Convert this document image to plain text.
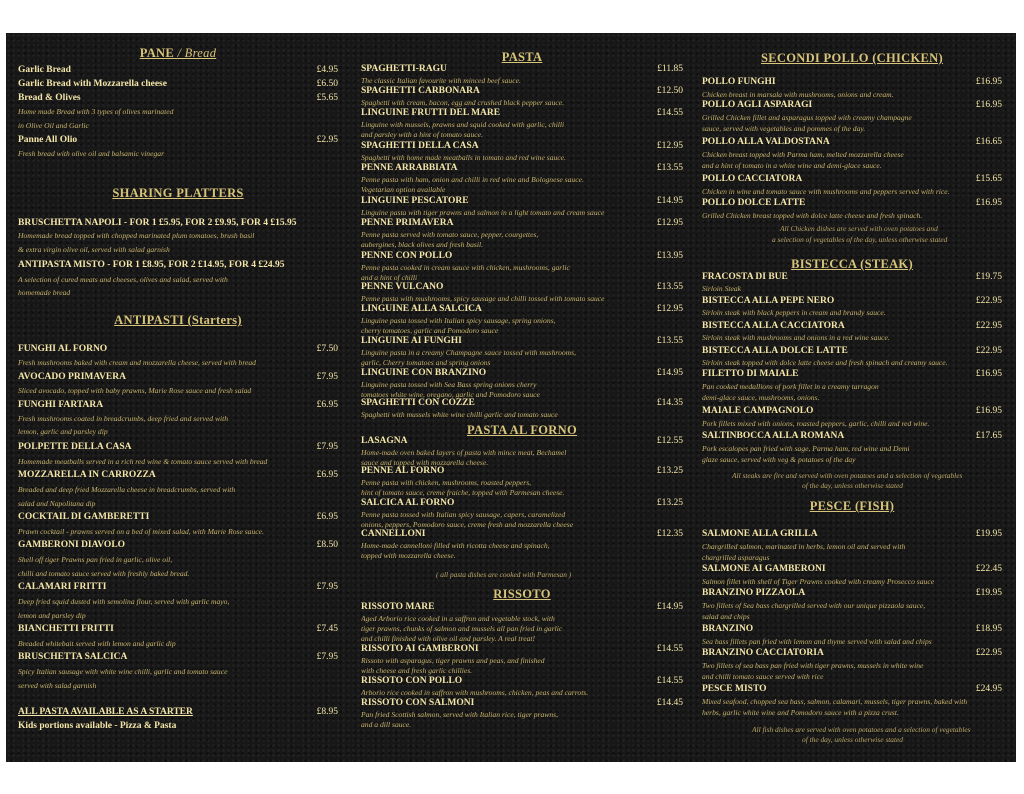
PANE / Bread
Garlic Bread	£4.95
Garlic Bread with Mozzarella cheese	£6.50
Bread & Olives	£5.65
Home made Bread with 3 types of olives marinated
in Olive Oil and Garlic
Panne All Olio	£2.95
Fresh bread with olive oil and balsamic vinegar
SHARING PLATTERS
BRUSCHETTA NAPOLI - FOR 1 £5.95, FOR 2 £9.95, FOR 4 £15.95
Homemade bread topped with chopped marinated plum tomatoes, brush basil
& extra virgin olive oil, served with salad garnish
ANTIPASTA MISTO - FOR 1 £8.95, FOR 2 £14.95, FOR 4 £24.95
A selection of cured meats and cheeses, olives and salad, served with
homemade bread
ANTIPASTI (Starters)
FUNGHI AL FORNO	£7.50
Fresh mushrooms baked with cream and mozzarella cheese, served with bread
AVOCADO PRIMAVERA	£7.95
Sliced avocado, topped with baby prawns, Marie Rose sauce and fresh salad
FUNGHI FARTARA	£6.95
Fresh mushrooms coated in breadcrumbs, deep fried and served with
lemon, garlic and parsley dip
POLPETTE DELLA CASA	£7.95
Homemade meatballs served in a rich red wine & tomato sauce served with bread
MOZZARELLA IN CARROZZA	£6.95
Breaded and deep fried Mozzarella cheese in breadcrumbs, served with
salad and Napolitana dip
COCKTAIL DI GAMBERETTI	£6.95
Prawn cocktail - prawns served on a bed of mixed salad, with Marie Rose sauce.
GAMBERONI DIAVOLO	£8.50
Shell off tiger Prawns pan fried in garlic, olive oil,
chilli and tomato sauce served with freshly baked bread.
CALAMARI FRITTI	£7.95
Deep fried squid dusted with semolina flour, served with garlic mayo,
lemon and parsley dip
BIANCHETTI FRITTI	£7.45
Breaded whitebait served with lemon and garlic dip
BRUSCHETTA SALCICA	£7.95
Spicy Italian sausage with white wine chilli, garlic and tomato sauce
served with salad garnish
ALL PASTA AVAILABLE AS A STARTER	£8.95
Kids portions available - Pizza & Pasta
PASTA
SPAGHETTI-RAGU	£11.85
The classic Italian favourite with minced beef sauce.
SPAGHETTI CARBONARA	£12.50
Spaghetti with cream, bacon, egg and crushed black pepper sauce.
LINGUINE FRUTTI DEL MARE	£14.55
Linguine with mussels, prawns and squid cooked with garlic, chilli
and parsley with a hint of tomato sauce.
SPAGHETTI DELLA CASA	£12.95
Spaghetti with home made meatballs in tomato and red wine sauce.
PENNE ARRABBIATA	£13.55
Penne pasta with ham, onion and chilli in red wine and Bolognese sauce.
Vegetarian option available
LINGUINE PESCATORE	£14.95
Linguine pasta with tiger prawns and salmon in a light tomato and cream sauce
PENNE PRIMAVERA	£12.95
Penne pasta served with tomato sauce, pepper, courgettes,
aubergines, black olives and fresh basil.
PENNE CON POLLO	£13.95
Penne pasta cooked in cream sauce with chicken, mushrooms, garlic
and a hint of chilli
PENNE VULCANO	£13.55
Penne pasta with mushrooms, spicy sausage and chilli tossed with tomato sauce
LINGUINE ALLA SALCICA	£12.95
Linguine pasta tossed with Italian spicy sausage, spring onions,
cherry tomatoes, garlic and Pomodoro sauce
LINGUINE AI FUNGHI	£13.55
Linguine pasta in a creamy Champagne sauce tossed with mushrooms,
garlic, Cherry tomatoes and spring onions
LINGUINE CON BRANZINO	£14.95
Linguine pasta tossed with Sea Bass spring onions cherry
tomatoes white wine, oregano, garlic and Pomodoro sauce
SPAGHETTI CON COZZE	£14.35
Spaghetti with mussels white wine chilli garlic and tomato sauce
PASTA AL FORNO
LASAGNA	£12.55
Home-made oven baked layers of pasta with mince meat, Bechamel
sauce and topped with mozzarella cheese.
PENNE AL FORNO	£13.25
Penne pasta with chicken, mushrooms, roasted peppers,
hint of tomato sauce, creme fraiche, topped with Parmesan cheese.
SALCICA AL FORNO	£13.25
Penne pasta tossed with Italian spicy sausage, capers, caramelized
onions, peppers, Pomodoro sauce, creme fresh and mozzarella cheese
CANNELLONI	£12.35
Home-made cannelloni filled with ricotta cheese and spinach,
topped with mozzarella cheese.
( all pasta dishes are cooked with Parmesan )
RISSOTO
RISSOTO MARE	£14.95
Aged Arborio rice cooked in a saffron and vegetable stock, with
tiger prawns, chunks of salmon and mussels all pan fried in garlic
and chilli finished with olive oil and parsley. A real treat!
RISSOTO AI GAMBERONI	£14.55
Rissoto with asparagus, tiger prawns and peas, and finished
with cheese and fresh garlic chillies.
RISSOTO CON POLLO	£14.55
Arborio rice cooked in saffron with mushrooms, chicken, peas and carrots.
RISSOTO CON SALMONI	£14.45
Pan fried Scottish salmon, served with Italian rice, tiger prawns,
and a dill sauce.
SECONDI POLLO (CHICKEN)
POLLO FUNGHI	£16.95
Chicken breast in marsala with mushrooms, onions and cream.
POLLO AGLI ASPARAGI	£16.95
Grilled Chicken fillet and asparagus topped with creamy champagne
sauce, served with vegetables and pommes of the day.
POLLO ALLA VALDOSTANA	£16.65
Chicken breast topped with Parma ham, melted mozzarella cheese
and a hint of tomato in a white wine and demi-glace sauce.
POLLO CACCIATORA	£15.65
Chicken in wine and tomato sauce with mushrooms and peppers served with rice.
POLLO DOLCE LATTE	£16.95
Grilled Chicken breast topped with dolce latte cheese and fresh spinach.
All Chicken dishes are served with oven potatoes and
a selection of vegetables of the day, unless otherwise stated
BISTECCA (STEAK)
FRACOSTA DI BUE	£19.75
Sirloin Steak
BISTECCA ALLA PEPE NERO	£22.95
Sirloin steak with black peppers in cream and brandy sauce.
BISTECCA ALLA CACCIATORA	£22.95
Sirloin steak with mushrooms and onions in a red wine sauce.
BISTECCA ALLA DOLCE LATTE	£22.95
Sirloin steak topped with dolce latte cheese and fresh spinach and creamy sauce.
FILETTO DI MAIALE	£16.95
Pan cooked medallions of pork fillet in a creamy tarragon
demi-glace sauce, mushrooms, onions.
MAIALE CAMPAGNOLO	£16.95
Pork fillets mixed with onions, roasted peppers, garlic, chilli and red wine.
SALTINBOCCA ALLA ROMANA	£17.65
Pork escalopes pan fried with sage, Parma ham, red wine and Demi
glaze sauce, served with veg & potatoes of the day
All steaks are fire and served with oven potatoes and a selection of vegetables
of the day, unless otherwise stated
PESCE (FISH)
SALMONE ALLA GRILLA	£19.95
Chargrilled salmon, marinated in herbs, lemon oil and served with
chargrilled asparagus
SALMONE AI GAMBERONI	£22.45
Salmon fillet with shell of Tiger Prawns cooked with creamy Prosecco sauce
BRANZINO PIZZAOLA	£19.95
Two fillets of Sea bass chargrilled served with our unique pizzaola sauce,
salad and chips
BRANZINO	£18.95
Sea bass fillets pan fried with lemon and thyme served with salad and chips
BRANZINO CACCIATORIA	£22.95
Two fillets of sea bass pan fried with tiger prawns, mussels in white wine
and chilli tomato sauce served with rice
PESCE MISTO	£24.95
Mixed seafood, chopped sea bass, salmon, calamari, mussels, tiger prawns, baked with
herbs, garlic white wine and Pomodoro sauce with a pizza crust.
All fish dishes are served with oven potatoes and a selection of vegetables
of the day, unless otherwise stated
